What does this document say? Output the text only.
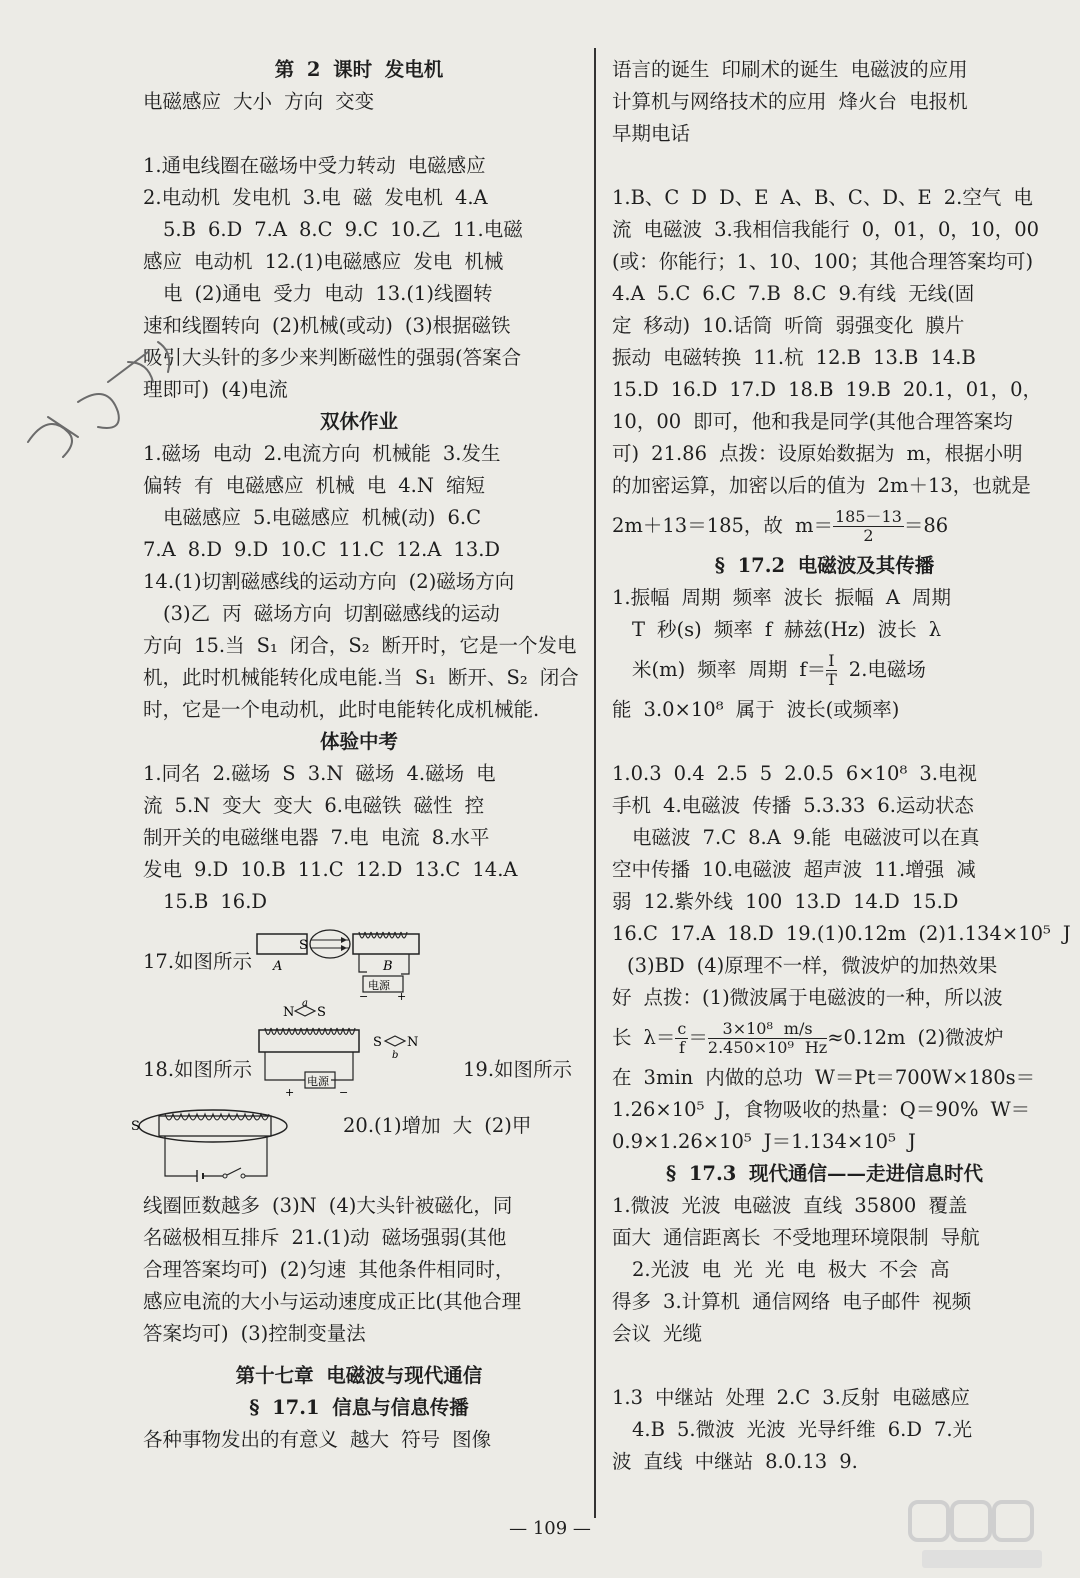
第 2 课时 发电机
电磁感应 大小 方向 交变
1.通电线圈在磁场中受力转动 电磁感应
2.电动机 发电机 3.电 磁 发电机 4.A
5.B 6.D 7.A 8.C 9.C 10.乙 11.电磁
感应 电动机 12.(1)电磁感应 发电 机械
电 (2)通电 受力 电动 13.(1)线圈转
速和线圈转向 (2)机械(或动) (3)根据磁铁
吸引大头针的多少来判断磁性的强弱(答案合
理即可) (4)电流
双休作业
1.磁场 电动 2.电流方向 机械能 3.发生
偏转 有 电磁感应 机械 电 4.N 缩短
电磁感应 5.电磁感应 机械(动) 6.C
7.A 8.D 9.D 10.C 11.C 12.A 13.D
14.(1)切割磁感线的运动方向 (2)磁场方向
(3)乙 丙 磁场方向 切割磁感线的运动
方向 15.当 S₁ 闭合，S₂ 断开时，它是一个发电
机，此时机械能转化成电能.当 S₁ 断开、S₂ 闭合
时，它是一个电动机，此时电能转化成机械能.
体验中考
1.同名 2.磁场 S 3.N 磁场 4.磁场 电
流 5.N 变大 变大 6.电磁铁 磁性 控
制开关的电磁继电器 7.电 电流 8.水平
发电 9.D 10.B 11.C 12.D 13.C 14.A
15.B 16.D
17.如图所示
S
A	B
电源
−	+
18.如图所示	19.如图所示
N
a
S
电源
+	−
S
b
N
S	20.(1)增加 大 (2)甲
线圈匝数越多 (3)N (4)大头针被磁化，同
名磁极相互排斥 21.(1)动 磁场强弱(其他
合理答案均可) (2)匀速 其他条件相同时，
感应电流的大小与运动速度成正比(其他合理
答案均可) (3)控制变量法
第十七章 电磁波与现代通信
§ 17.1 信息与信息传播
各种事物发出的有意义 越大 符号 图像
语言的诞生 印刷术的诞生 电磁波的应用
计算机与网络技术的应用 烽火台 电报机
早期电话
1.B、C D D、E A、B、C、D、E 2.空气 电
流 电磁波 3.我相信我能行 0，01，0，10，00
(或：你能行；1、10、100；其他合理答案均可)
4.A 5.C 6.C 7.B 8.C 9.有线 无线(固
定 移动) 10.话筒 听筒 弱强变化 膜片
振动 电磁转换 11.杭 12.B 13.B 14.B
15.D 16.D 17.D 18.B 19.B 20.1，01，0，
10，00 即可，他和我是同学(其他合理答案均
可) 21.86 点拨：设原始数据为 m，根据小明
的加密运算，加密以后的值为 2m＋13，也就是
2m＋13＝185，故 $m= \frac{185-13}{2} =86$
§ 17.2 电磁波及其传播
1.振幅 周期 频率 波长 振幅 A 周期
T 秒(s) 频率 f 赫兹(Hz) 波长 λ
米(m) 频率 周期 $f= \frac{I}{T} 2$.电磁场
能 3.0×10⁸ 属于 波长(或频率)
1.0.3 0.4 2.5 5 2.0.5 6×10⁸ 3.电视
手机 4.电磁波 传播 5.3.33 6.运动状态
电磁波 7.C 8.A 9.能 电磁波可以在真
空中传播 10.电磁波 超声波 11.增强 减
弱 12.紫外线 100 13.D 14.D 15.D
16.C 17.A 18.D 19.(1)0.12m (2)1.134×10⁵ J
(3)BD (4)原理不一样，微波炉的加热效果
好 点拨：(1)微波属于电磁波的一种，所以波
长 $\lambda= \frac{c}{f} = \frac{\text{3×10⁸ m/s}}{\text{2.450×10⁹ Hz}} \approx 0.12m$ (2)微波炉
在 3min 内做的总功 W＝Pt＝700W×180s＝
1.26×10⁵ J，食物吸收的热量：Q＝90% W＝
0.9×1.26×10⁵ J＝1.134×10⁵ J
§ 17.3 现代通信——走进信息时代
1.微波 光波 电磁波 直线 35800 覆盖
面大 通信距离长 不受地理环境限制 导航
2.光波 电 光 光 电 极大 不会 高
得多 3.计算机 通信网络 电子邮件 视频
会议 光缆
1.3 中继站 处理 2.C 3.反射 电磁感应
4.B 5.微波 光波 光导纤维 6.D 7.光
波 直线 中继站 8.0.13 9.
— 109 —
